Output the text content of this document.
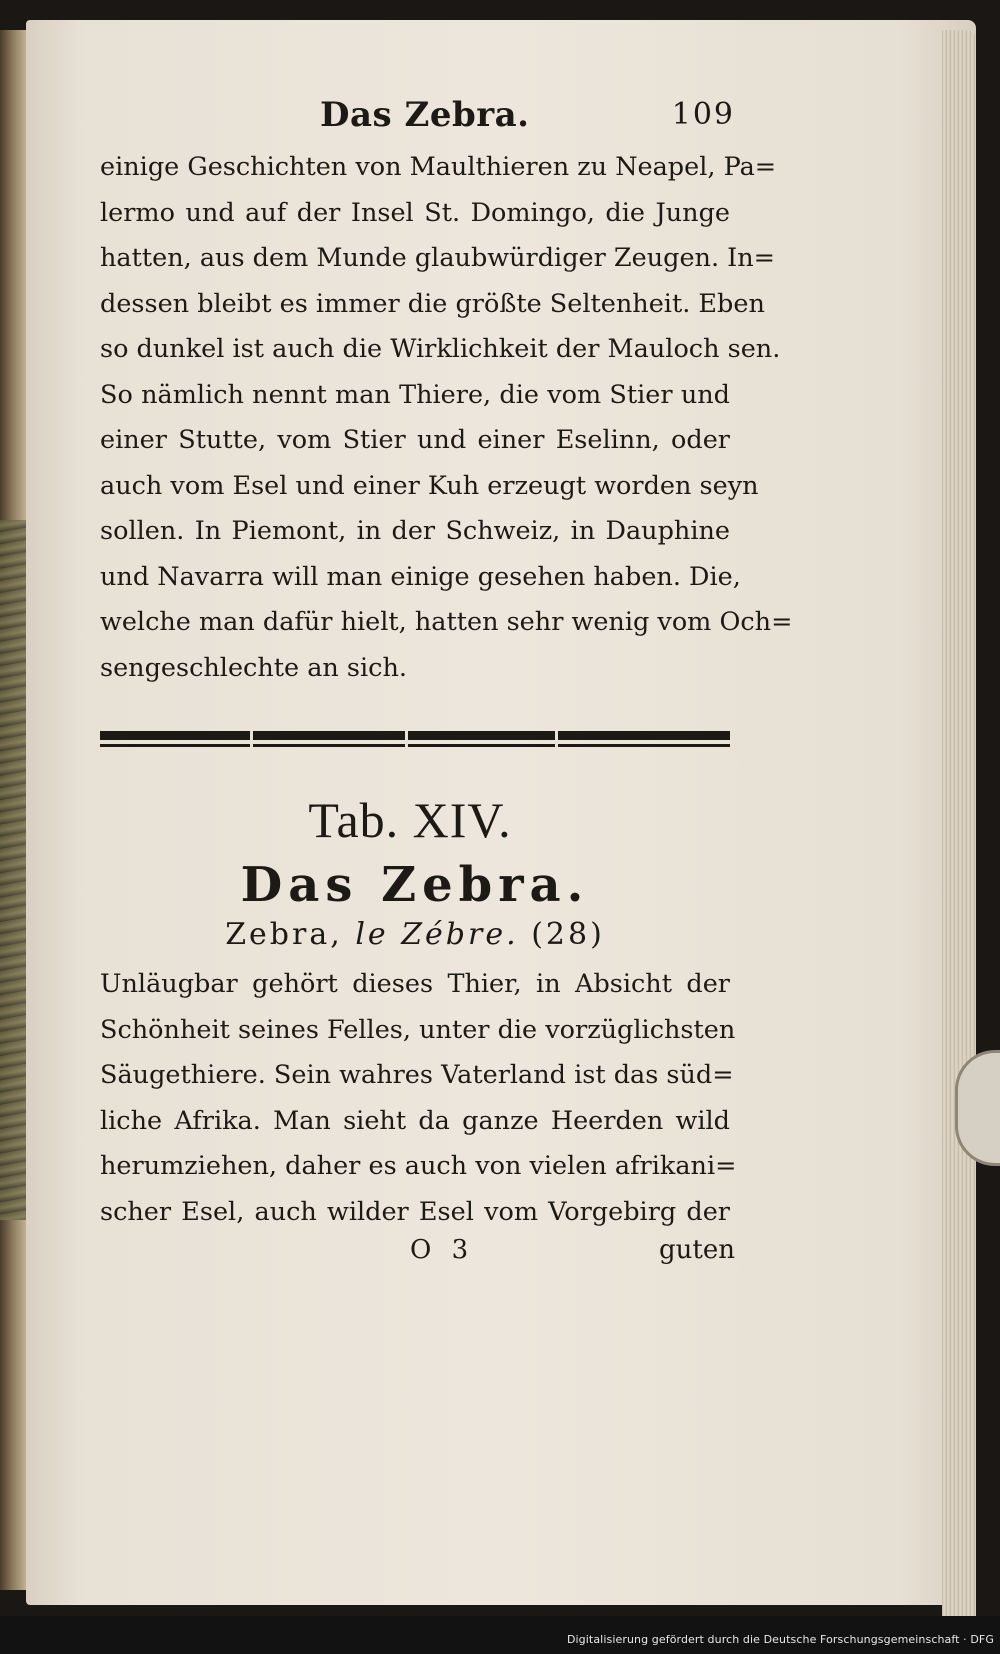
Das Zebra.	109
einige Geschichten von Maulthieren zu Neapel, Pa=
lermo und auf der Insel St. Domingo, die Junge
hatten, aus dem Munde glaubwürdiger Zeugen. In=
dessen bleibt es immer die größte Seltenheit. Eben
so dunkel ist auch die Wirklichkeit der Mauloch sen.
So nämlich nennt man Thiere, die vom Stier und
einer Stutte, vom Stier und einer Eselinn, oder
auch vom Esel und einer Kuh erzeugt worden seyn
sollen. In Piemont, in der Schweiz, in Dauphine
und Navarra will man einige gesehen haben. Die,
welche man dafür hielt, hatten sehr wenig vom Och=
sengeschlechte an sich.
Tab. XIV.
Das Zebra.
Zebra, le Zébre. (28)
Unläugbar gehört dieses Thier, in Absicht der
Schönheit seines Felles, unter die vorzüglichsten
Säugethiere. Sein wahres Vaterland ist das süd=
liche Afrika. Man sieht da ganze Heerden wild
herumziehen, daher es auch von vielen afrikani=
scher Esel, auch wilder Esel vom Vorgebirg der
O 3	guten
Digitalisierung gefördert durch die Deutsche Forschungsgemeinschaft · DFG
